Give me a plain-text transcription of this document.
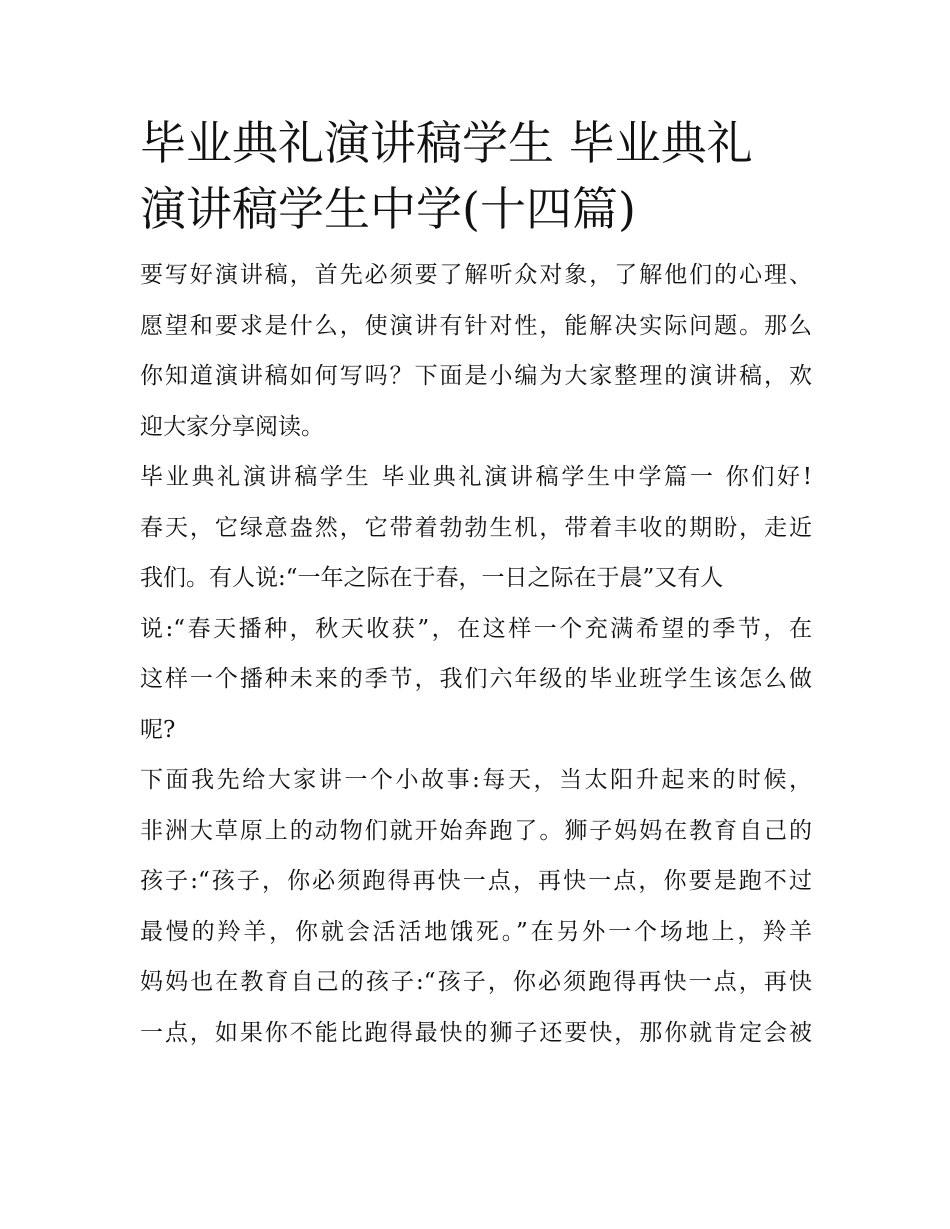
毕业典礼演讲稿学生 毕业典礼
演讲稿学生中学(十四篇)

要写好演讲稿，首先必须要了解听众对象，了解他们的心理、
愿望和要求是什么，使演讲有针对性，能解决实际问题。那么
你知道演讲稿如何写吗？下面是小编为大家整理的演讲稿，欢
迎大家分享阅读。

毕业典礼演讲稿学生 毕业典礼演讲稿学生中学篇一 你们好!
春天，它绿意盎然，它带着勃勃生机，带着丰收的期盼，走近
我们。有人说:“一年之际在于春，一日之际在于晨”又有人
说:“春天播种，秋天收获”，在这样一个充满希望的季节，在
这样一个播种未来的季节，我们六年级的毕业班学生该怎么做
呢?

下面我先给大家讲一个小故事:每天，当太阳升起来的时候，
非洲大草原上的动物们就开始奔跑了。狮子妈妈在教育自己的
孩子:“孩子，你必须跑得再快一点，再快一点，你要是跑不过
最慢的羚羊，你就会活活地饿死。”在另外一个场地上，羚羊
妈妈也在教育自己的孩子:“孩子，你必须跑得再快一点，再快
一点，如果你不能比跑得最快的狮子还要快，那你就肯定会被
